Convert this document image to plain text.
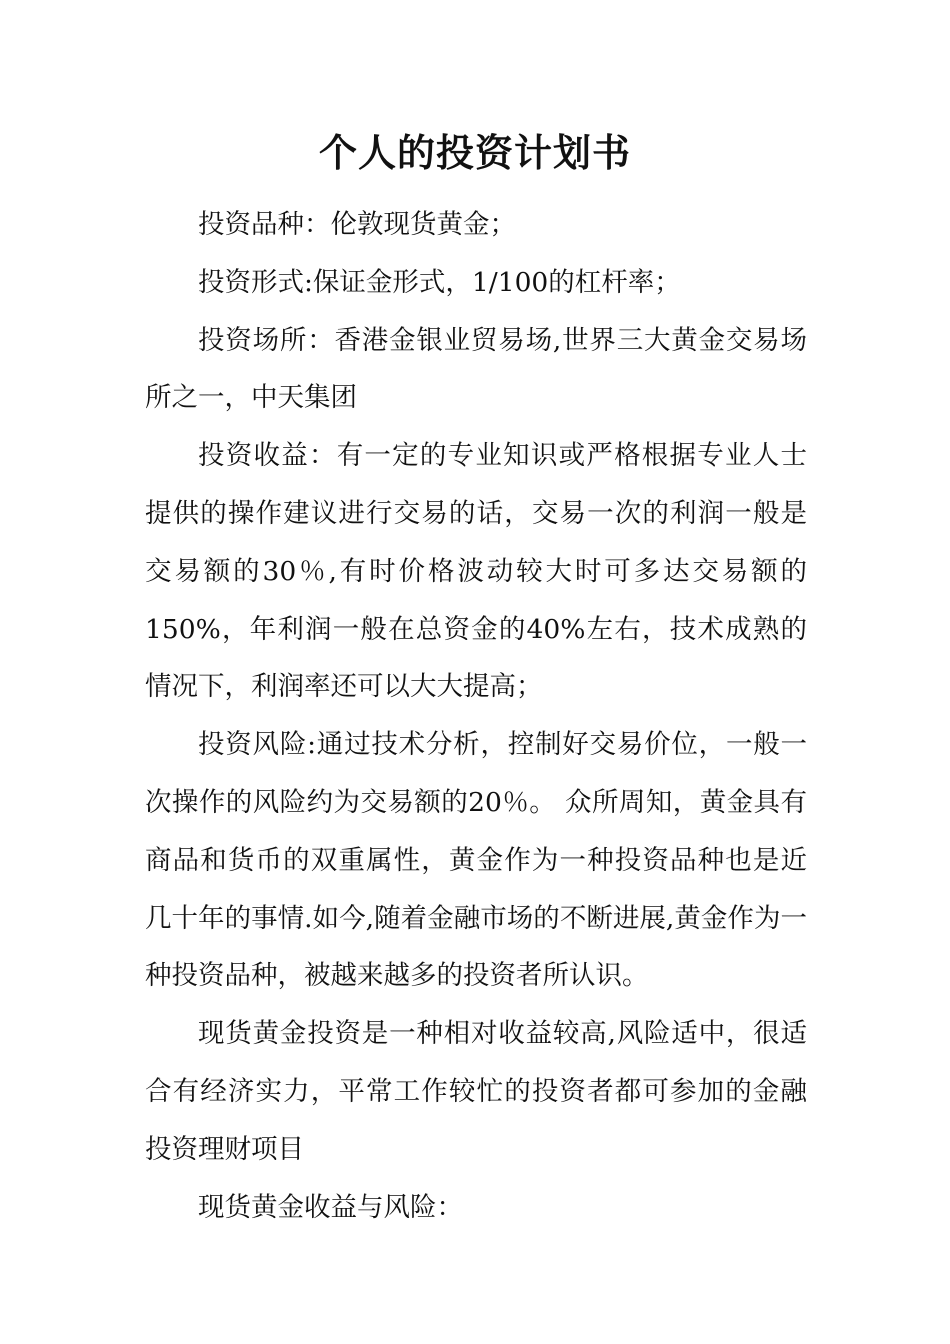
个人的投资计划书

投资品种：伦敦现货黄金；

投资形式:保证金形式，1/100的杠杆率；

投资场所：香港金银业贸易场,世界三大黄金交易场所之一，中天集团

投资收益：有一定的专业知识或严格根据专业人士提供的操作建议进行交易的话，交易一次的利润一般是交易额的30％,有时价格波动较大时可多达交易额的150%，年利润一般在总资金的40%左右，技术成熟的情况下，利润率还可以大大提高；

投资风险:通过技术分析，控制好交易价位，一般一次操作的风险约为交易额的20％。 众所周知，黄金具有商品和货币的双重属性，黄金作为一种投资品种也是近几十年的事情.如今,随着金融市场的不断进展,黄金作为一种投资品种，被越来越多的投资者所认识。

现货黄金投资是一种相对收益较高,风险适中，很适合有经济实力，平常工作较忙的投资者都可参加的金融投资理财项目

现货黄金收益与风险：
